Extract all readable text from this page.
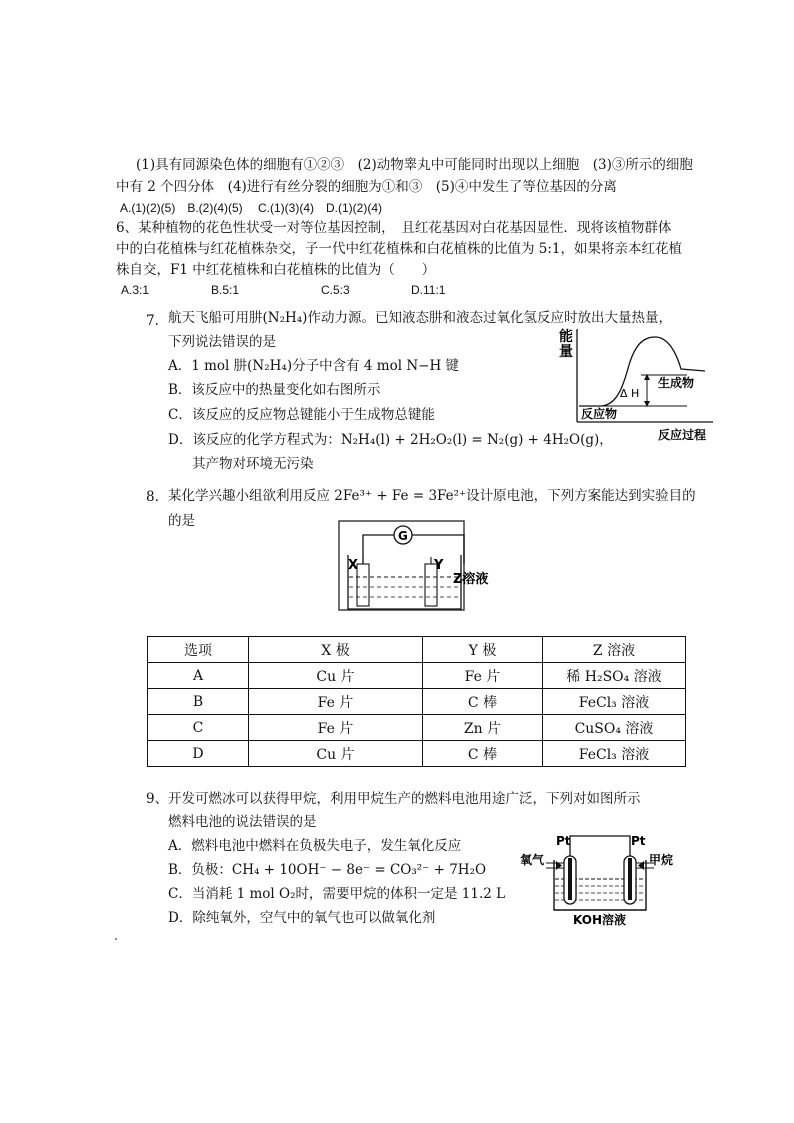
(1)具有同源染色体的细胞有①②③　(2)动物睾丸中可能同时出现以上细胞　(3)③所示的细胞
中有 2 个四分体　(4)进行有丝分裂的细胞为①和③　(5)④中发生了等位基因的分离
A.(1)(2)(5)　B.(2)(4)(5)　 C.(1)(3)(4)　D.(1)(2)(4)
6、某种植物的花色性状受一对等位基因控制，　且红花基因对白花基因显性．现将该植物群体
中的白花植株与红花植株杂交，子一代中红花植株和白花植株的比值为 5:1，如果将亲本红花植
株自交，F1 中红花植株和白花植株的比值为（　　）
A.3:1	B.5:1	C.5:3	D.11:1
7. 航天飞船可用肼(N₂H₄)作动力源。已知液态肼和液态过氧化氢反应时放出大量热量，
下列说法错误的是
A．1 mol 肼(N₂H₄)分子中含有 4 mol N−H 键
B．该反应中的热量变化如右图所示
C．该反应的反应物总键能小于生成物总键能
D．该反应的化学方程式为：N₂H₄(l) + 2H₂O₂(l) = N₂(g) + 4H₂O(g)，
其产物对环境无污染
能
量
Δ H
生成物
反应物
反应过程
8. 某化学兴趣小组欲利用反应 2Fe³⁺ + Fe = 3Fe²⁺设计原电池，下列方案能达到实验目的
的是
G
X	Y
Z溶液
选项	X 极	Y 极	Z 溶液
A	Cu 片	Fe 片	稀 H₂SO₄ 溶液
B	Fe 片	C 棒	FeCl₃ 溶液
C	Fe 片	Zn 片	CuSO₄ 溶液
D	Cu 片	C 棒	FeCl₃ 溶液
9、 开发可燃冰可以获得甲烷，利用甲烷生产的燃料电池用途广泛，下列对如图所示
燃料电池的说法错误的是
A．燃料电池中燃料在负极失电子，发生氧化反应
B．负极：CH₄ + 10OH⁻ − 8e⁻ = CO₃²⁻ + 7H₂O
C．当消耗 1 mol O₂时，需要甲烷的体积一定是 11.2 L
D．除纯氧外，空气中的氧气也可以做氧化剂
Pt	Pt
氧气	甲烷
KOH溶液
